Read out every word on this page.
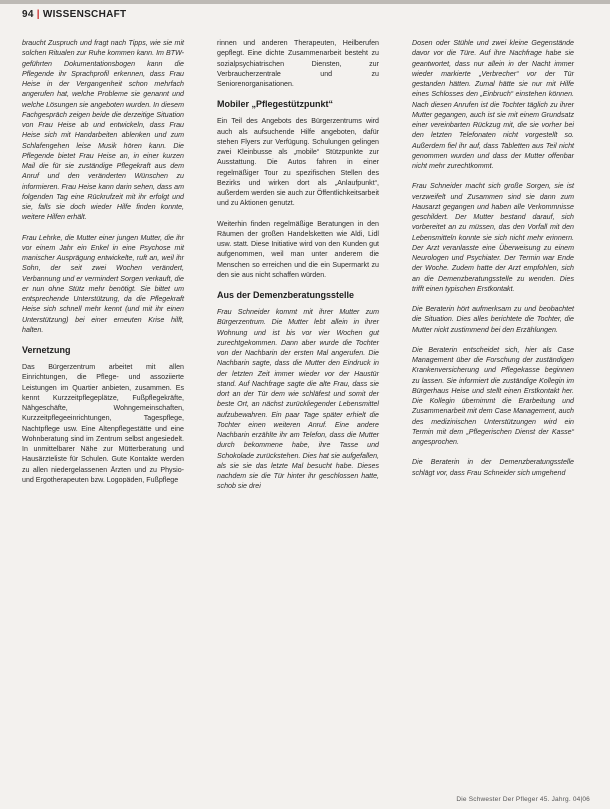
94 | WISSENSCHAFT

braucht Zuspruch und fragt nach Tipps, wie sie mit solchen Ritualen zur Ruhe kommen kann. Im BTW-geführten Dokumentationsbogen kann die Pflegende ihr Sprachprofil erkennen, dass Frau Heise in der Vergangenheit schon mehrfach angerufen hat, welche Probleme sie genannt und welche Lösungen sie angeboten wurden. In diesem Fachgespräch zeigen beide die derzeitige Situation von Frau Heise ab und entwickeln, dass Frau Heise sich mit Handarbeiten ablenken und zum Schlafengehen leise Musik hören kann. Die Pflegende bietet Frau Heise an, in einer kurzen Mail die für sie zuständige Pflegekraft aus dem Anruf und den veränderten Wünschen zu informieren. Frau Heise kann darin sehen, dass am folgenden Tag eine Rückrufzeit mit ihr erfolgt und sie, falls sie doch wieder Hilfe finden konnte, weitere Hilfen erhält.

Frau Lehrke, die Mutter einer jungen Mutter, die ihr vor einem Jahr ein Enkel in eine Psychose mit manischer Ausprägung entwickelte, ruft an, weil ihr Sohn, der seit zwei Wochen verändert, Verbannung und er vermindert Sorgen verkauft, die er nun ohne Stütz mehr benötigt. Sie bittet um entsprechende Unterstützung, da die Pflegekraft Heise sich schnell mehr kennt (und mit ihr einen Unterstützung) bei einer erneuten Krise hilft, halten.

Vernetzung

Das Bürgerzentrum arbeitet mit allen Einrichtungen, die Pflege- und assoziierte Leistungen im Quartier anbieten, zusammen. Es kennt Kurzzeitpflegeplätze, Fußpflegekräfte, Nähgeschäfte, Wohngemeinschaften, Kurzzeitpflegeeinrichtungen, Tagespflege, Nachtpflege usw. Eine Altenpflegestätte und eine Wohnberatung sind im Zentrum selbst angesiedelt. In unmittelbarer Nähe zur Mütterberatung und Hausärzteliste für Schulen. Gute Kontakte werden zu allen niedergelassenen Ärzten und zu Physio- und Ergotherapeuten bzw. Logopäden, Fußpflege

rinnen und anderen Therapeuten, Heilberufen gepflegt. Eine dichte Zusammenarbeit besteht zu sozialpsychiatrischen Diensten, zur Verbraucherzentrale und zu Seniorenorganisationen.

Mobiler „Pflegestützpunkt“

Ein Teil des Angebots des Bürgerzentrums wird auch als aufsuchende Hilfe angeboten, dafür stehen Flyers zur Verfügung. Schulungen gelingen zwei Kleinbusse als „mobile“ Stützpunkte zur Ausstattung. Die Autos fahren in einer regelmäßiger Tour zu spezifischen Stellen des Bezirks und wirken dort als „Anlaufpunkt“, außerdem werden sie auch zur Öffentlichkeitsarbeit und zu Aktionen genutzt.

Weiterhin finden regelmäßige Beratungen in den Räumen der großen Handelsketten wie Aldi, Lidl usw. statt. Diese Initiative wird von den Kunden gut aufgenommen, weil man unter anderem die Menschen so erreichen und die ein Supermarkt zu den sie aus nicht schaffen würden.

Aus der Demenzberatungsstelle

Frau Schneider kommt mit ihrer Mutter zum Bürgerzentrum. Die Mutter lebt allein in ihrer Wohnung und ist bis vor vier Wochen gut zurechtgekommen. Dann aber wurde die Tochter von der Nachbarin der ersten Mal angerufen. Die Nachbarin sagte, dass die Mutter den Eindruck in der letzten Zeit immer wieder vor der Haustür stand. Auf Nachfrage sagte die alte Frau, dass sie dort an der Tür dem wie schläfest und somit der beste Ort, an nächst zurückliegender Lebensmittel aufzubewahren. Ein paar Tage später erhielt die Tochter einen weiteren Anruf. Eine andere Nachbarin erzählte ihr am Telefon, dass die Mutter durch bekommene habe, ihre Tasse und Schokolade zurückstehen. Dies hat sie aufgefallen, als sie sie das letzte Mal besucht habe. Dieses nachdem sie die Tür hinter ihr geschlossen hatte, schob sie drei

Dosen oder Stühle und zwei kleine Gegenstände davor vor die Türe. Auf ihre Nachfrage habe sie geantwortet, dass nur allein in der Nacht immer wieder markierte „Verbrecher“ vor der Tür gestanden hätten. Zumal hätte sie nur mit Hilfe eines Schlosses den „Einbruch“ einstehen können. Nach diesen Anrufen ist die Tochter täglich zu ihrer Mutter gegangen, auch ist sie mit einem Grundsatz einer vereinbarten Rückzug mit, die sie vorher bei den letzten Telefonaten nicht vorgestellt so. Außerdem fiel ihr auf, dass Tabletten aus Teil nicht genommen wurden und dass der Mutter offenbar nicht mehr zurechtkommt.

Frau Schneider macht sich große Sorgen, sie ist verzweifelt und Zusammen sind sie dann zum Hausarzt gegangen und haben alle Verkommnisse geschildert. Der Mutter bestand darauf, sich vorbereitet an zu müssen, das den Vorfall mit den Lebensmitteln konnte sie sich nicht mehr erinnern. Der Arzt veranlasste eine Überweisung zu einem Neurologen und Psychiater. Der Termin war Ende der Woche. Zudem hatte der Arzt empfohlen, sich an die Demenzberatungsstelle zu wenden. Dies trifft einen typischen Erstkontakt.

Die Beraterin hört aufmerksam zu und beobachtet die Situation. Dies alles berichtete die Tochter, die Mutter nickt zustimmend bei den Erzählungen.

Die Beraterin entscheidet sich, hier als Case Management über die Forschung der zuständigen Krankenversicherung und Pflegekasse beginnen zu lassen. Sie informiert die zuständige Kollegin im Bürgerhaus Heise und stellt einen Erstkontakt her. Die Kollegin übernimmt die Erarbeitung und Zusammenarbeit mit dem Case Management, auch des medizinischen Unterstützungen wird ein Termin mit dem „Pflegerischen Dienst der Kasse“ angesprochen.

Die Beraterin in der Demenzberatungsstelle schlägt vor, dass Frau Schneider sich umgehend

Die Schwester Der Pfleger 45. Jahrg. 04|06
